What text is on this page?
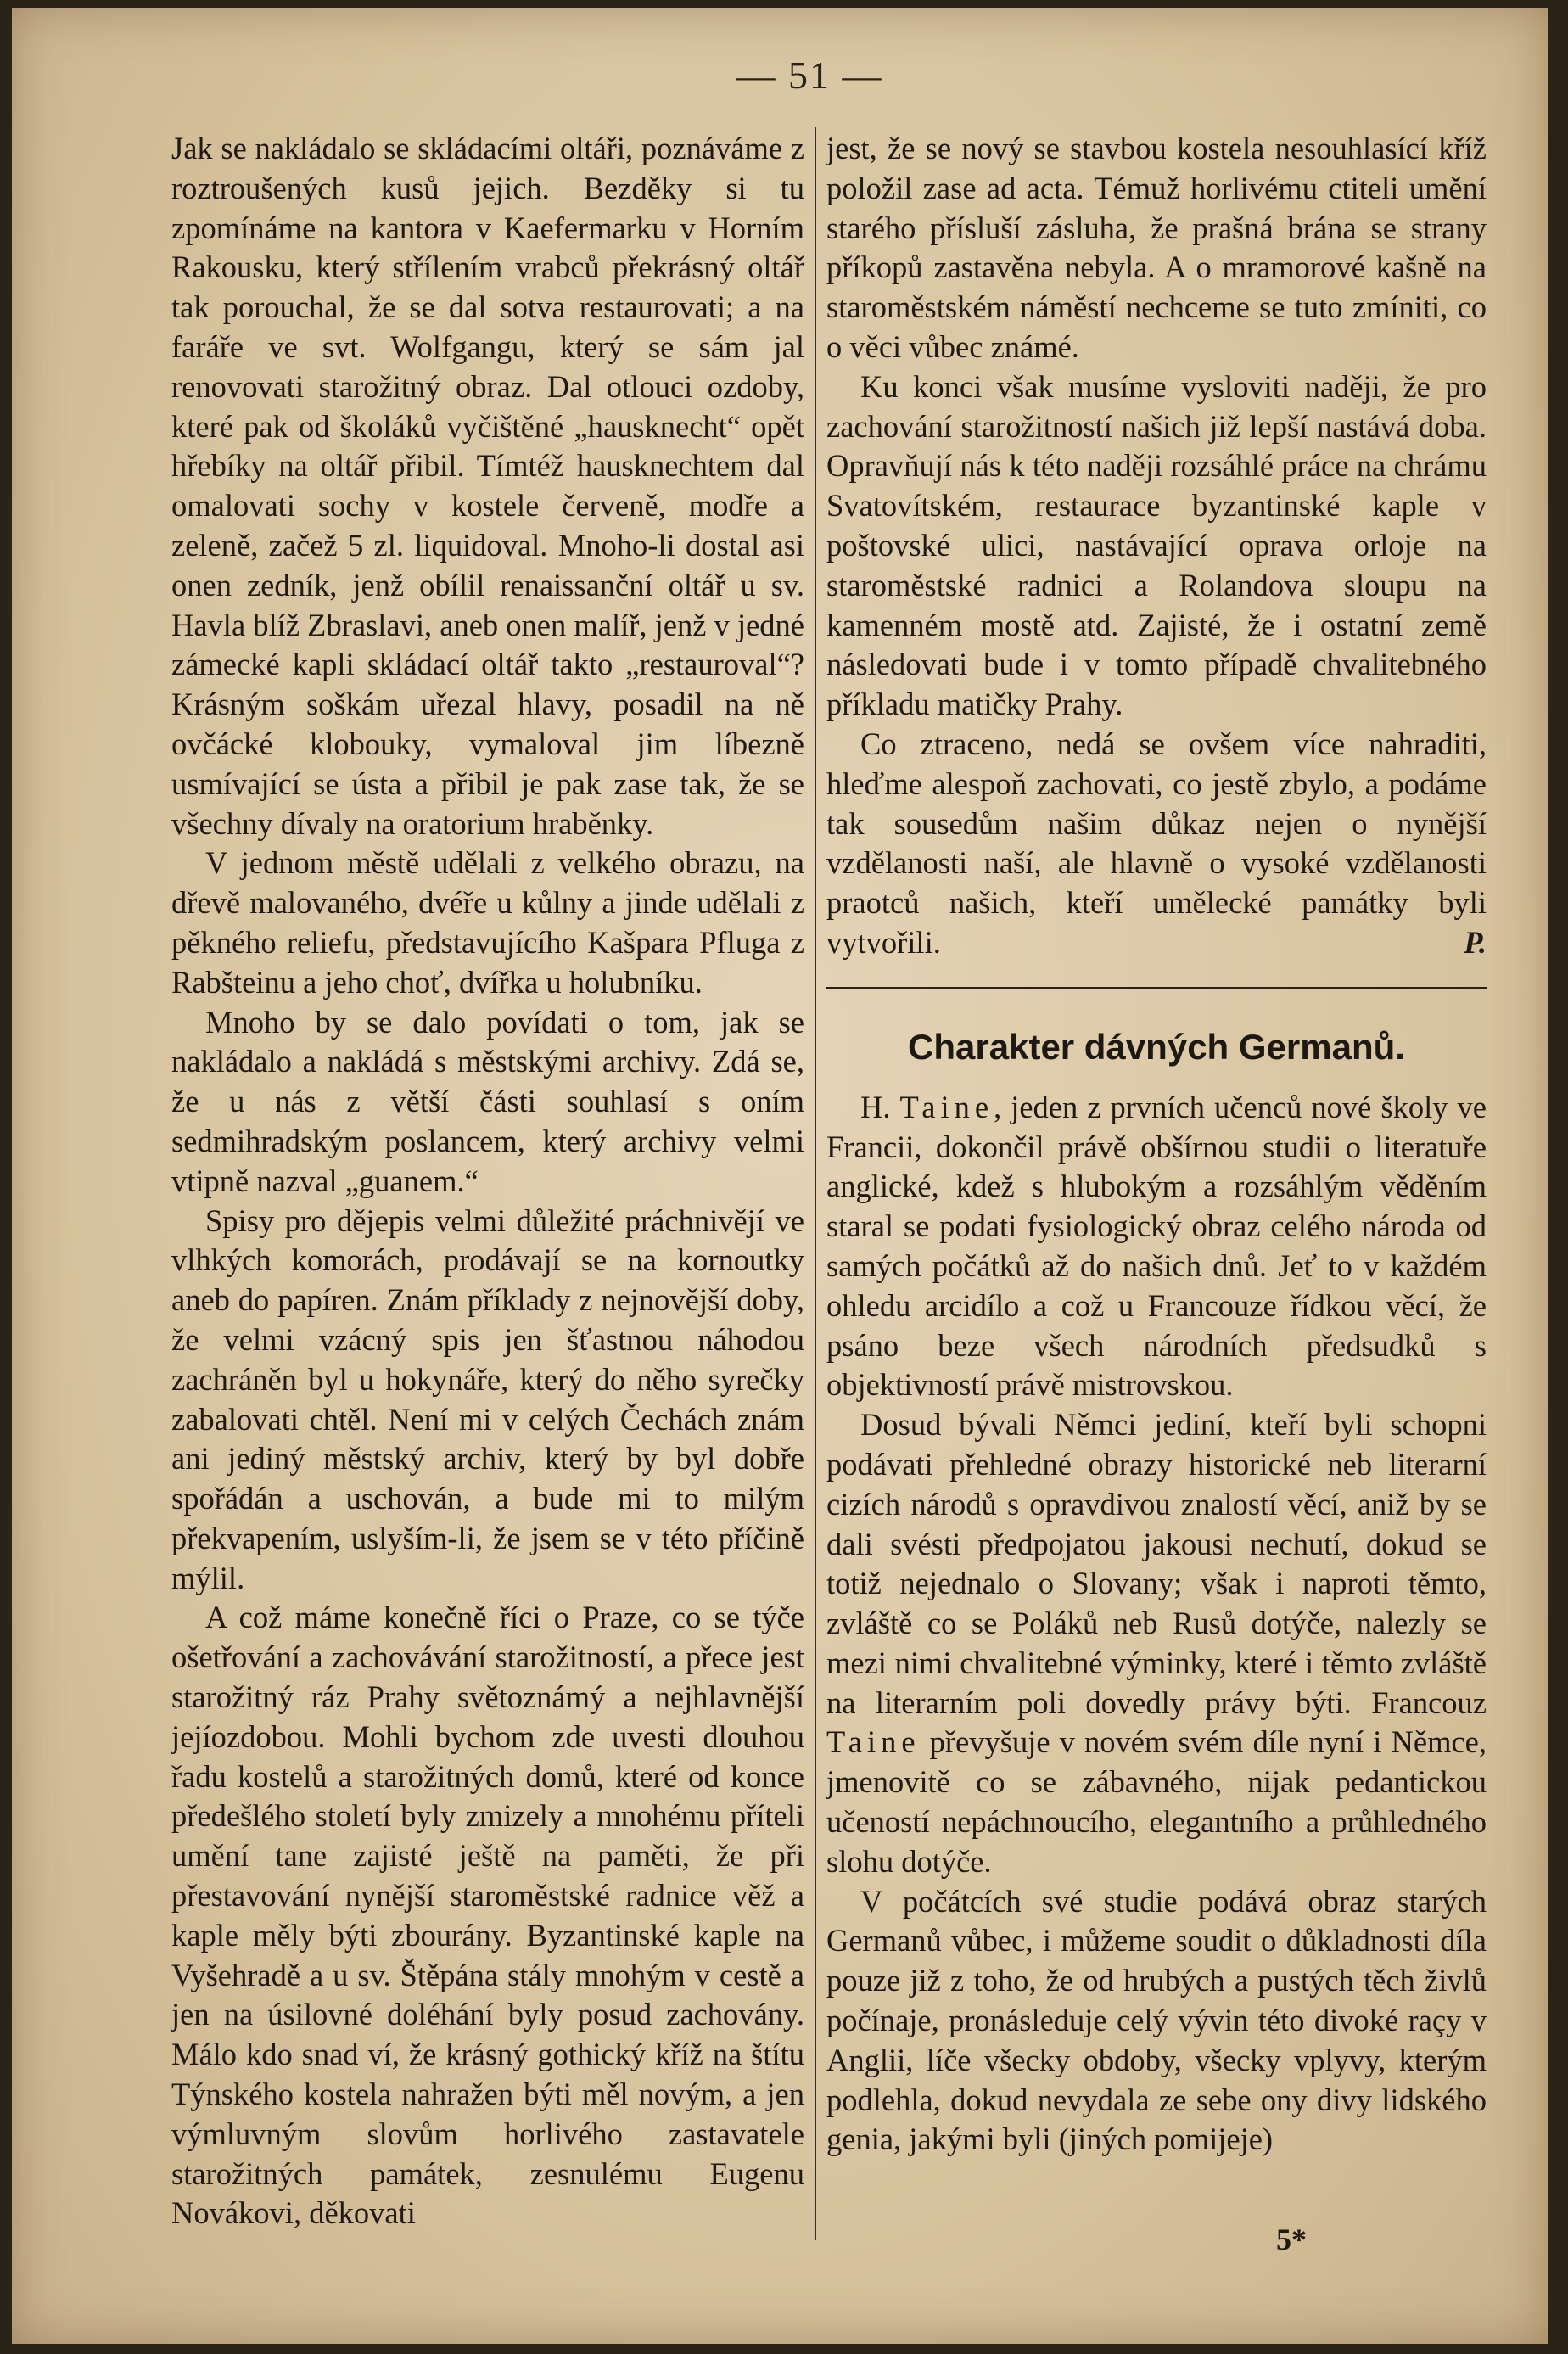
— 51 —

Jak se nakládalo se skládacími oltáři, poznáváme z roztroušených kusů jejich. Bezděky si tu zpomínáme na kantora v Kaefermarku v Horním Rakousku, který střílením vrabců překrásný oltář tak porouchal, že se dal sotva restaurovati; a na faráře ve svt. Wolfgangu, který se sám jal renovovati starožitný obraz. Dal otlouci ozdoby, které pak od školáků vyčištěné „hausknecht“ opět hřebíky na oltář přibil. Tímtéž hausknechtem dal omalovati sochy v kostele červeně, modře a zeleně, začež 5 zl. liquidoval. Mnoho-li dostal asi onen zedník, jenž obílil renaissanční oltář u sv. Havla blíž Zbraslavi, aneb onen malíř, jenž v jedné zámecké kapli skládací oltář takto „restauroval“? Krásným soškám uřezal hlavy, posadil na ně ovčácké klobouky, vymaloval jim líbezně usmívající se ústa a přibil je pak zase tak, že se všechny dívaly na oratorium hraběnky.

V jednom městě udělali z velkého obrazu, na dřevě malovaného, dvéře u kůlny a jinde udělali z pěkného reliefu, představujícího Kašpara Pfluga z Rabšteinu a jeho choť, dvířka u holubníku.

Mnoho by se dalo povídati o tom, jak se nakládalo a nakládá s městskými archivy. Zdá se, že u nás z větší části souhlasí s oním sedmihradským poslancem, který archivy velmi vtipně nazval „guanem.“

Spisy pro dějepis velmi důležité práchnivějí ve vlhkých komorách, prodávají se na kornoutky aneb do papíren. Znám příklady z nejnovější doby, že velmi vzácný spis jen šťastnou náhodou zachráněn byl u hokynáře, který do něho syrečky zabalovati chtěl. Není mi v celých Čechách znám ani jediný městský archiv, který by byl dobře spořádán a uschován, a bude mi to milým překvapením, uslyším-li, že jsem se v této příčině mýlil.

A což máme konečně říci o Praze, co se týče ošetřování a zachovávání starožitností, a přece jest starožitný ráz Prahy světoznámý a nejhlavnější jejíozdobou. Mohli bychom zde uvesti dlouhou řadu kostelů a starožitných domů, které od konce předešlého století byly zmizely a mnohému příteli umění tane zajisté ještě na paměti, že při přestavování nynější staroměstské radnice věž a kaple měly býti zbourány. Byzantinské kaple na Vyšehradě a u sv. Štěpána stály mnohým v cestě a jen na úsilovné doléhání byly posud zachovány. Málo kdo snad ví, že krásný gothický kříž na štítu Týnského kostela nahražen býti měl novým, a jen výmluvným slovům horlivého zastavatele starožitných památek, zesnulému Eugenu Novákovi, děkovati

jest, že se nový se stavbou kostela nesouhlasící kříž položil zase ad acta. Témuž horlivému ctiteli umění starého přísluší zásluha, že prašná brána se strany příkopů zastavěna nebyla. A o mramorové kašně na staroměstském náměstí nechceme se tuto zmíniti, co o věci vůbec známé.

Ku konci však musíme vysloviti naději, že pro zachování starožitností našich již lepší nastává doba. Opravňují nás k této naději rozsáhlé práce na chrámu Svatovítském, restaurace byzantinské kaple v poštovské ulici, nastávající oprava orloje na staroměstské radnici a Rolandova sloupu na kamenném mostě atd. Zajisté, že i ostatní země následovati bude i v tomto případě chvalitebného příkladu matičky Prahy.

Co ztraceno, nedá se ovšem více nahraditi, hleďme alespoň zachovati, co jestě zbylo, a podáme tak sousedům našim důkaz nejen o nynější vzdělanosti naší, ale hlavně o vysoké vzdělanosti praotců našich, kteří umělecké památky byli vytvořili.	P.

Charakter dávných Germanů.

H. Taine, jeden z prvních učenců nové školy ve Francii, dokončil právě obšírnou studii o literatuře anglické, kdež s hlubokým a rozsáhlým věděním staral se podati fysiologický obraz celého národa od samých počátků až do našich dnů. Jeť to v každém ohledu arcidílo a což u Francouze řídkou věcí, že psáno beze všech národních předsudků s objektivností právě mistrovskou.

Dosud bývali Němci jediní, kteří byli schopni podávati přehledné obrazy historické neb literarní cizích národů s opravdivou znalostí věcí, aniž by se dali svésti předpojatou jakousi nechutí, dokud se totiž nejednalo o Slovany; však i naproti těmto, zvláště co se Poláků neb Rusů dotýče, nalezly se mezi nimi chvalitebné výminky, které i těmto zvláště na literarním poli dovedly právy býti. Francouz Taine převyšuje v novém svém díle nyní i Němce, jmenovitě co se zábavného, nijak pedantickou učeností nepáchnoucího, elegantního a průhledného slohu dotýče.

V počátcích své studie podává obraz starých Germanů vůbec, i můžeme soudit o důkladnosti díla pouze již z toho, že od hrubých a pustých těch živlů počínaje, pronásleduje celý vývin této divoké raçy v Anglii, líče všecky obdoby, všecky vplyvy, kterým podlehla, dokud nevydala ze sebe ony divy lidského genia, jakými byli (jiných pomijeje)

5*
